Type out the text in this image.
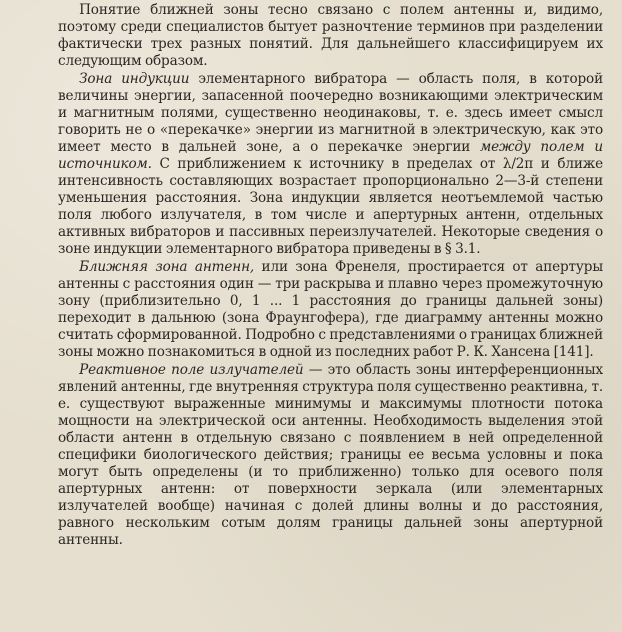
Понятие ближней зоны тесно связано с полем антенны и, видимо, поэтому среди специалистов бытует разночтение терминов при разделении фактически трех разных понятий. Для дальнейшего классифицируем их следующим образом.

Зона индукции элементарного вибратора — область поля, в которой величины энергии, запасенной поочередно возникающими электрическим и магнитным полями, существенно неодинаковы, т. е. здесь имеет смысл говорить не о «перекачке» энергии из магнитной в электрическую, как это имеет место в дальней зоне, а о перекачке энергии между полем и источником. С приближением к источнику в пределах от λ/2π и ближе интенсивность составляющих возрастает пропорционально 2—3-й степени уменьшения расстояния. Зона индукции является неотъемлемой частью поля любого излучателя, в том числе и апертурных антенн, отдельных активных вибраторов и пассивных переизлучателей. Некоторые сведения о зоне индукции элементарного вибратора приведены в § 3.1.

Ближняя зона антенн, или зона Френеля, простирается от апертуры антенны с расстояния один — три раскрыва и плавно через промежуточную зону (приблизительно 0, 1 ... 1 расстояния до границы дальней зоны) переходит в дальнюю (зона Фраунгофера), где диаграмму антенны можно считать сформированной. Подробно с представлениями о границах ближней зоны можно познакомиться в одной из последних работ Р. К. Хансена [141].

Реактивное поле излучателей — это область зоны интерференционных явлений антенны, где внутренняя структура поля существенно реактивна, т. е. существуют выраженные минимумы и максимумы плотности потока мощности на электрической оси антенны. Необходимость выделения этой области антенн в отдельную связано с появлением в ней определенной специфики биологического действия; границы ее весьма условны и пока могут быть определены (и то приближенно) только для осевого поля апертурных антенн: от поверхности зеркала (или элементарных излучателей вообще) начиная с долей длины волны и до расстояния, равного нескольким сотым долям границы дальней зоны апертурной антенны.
